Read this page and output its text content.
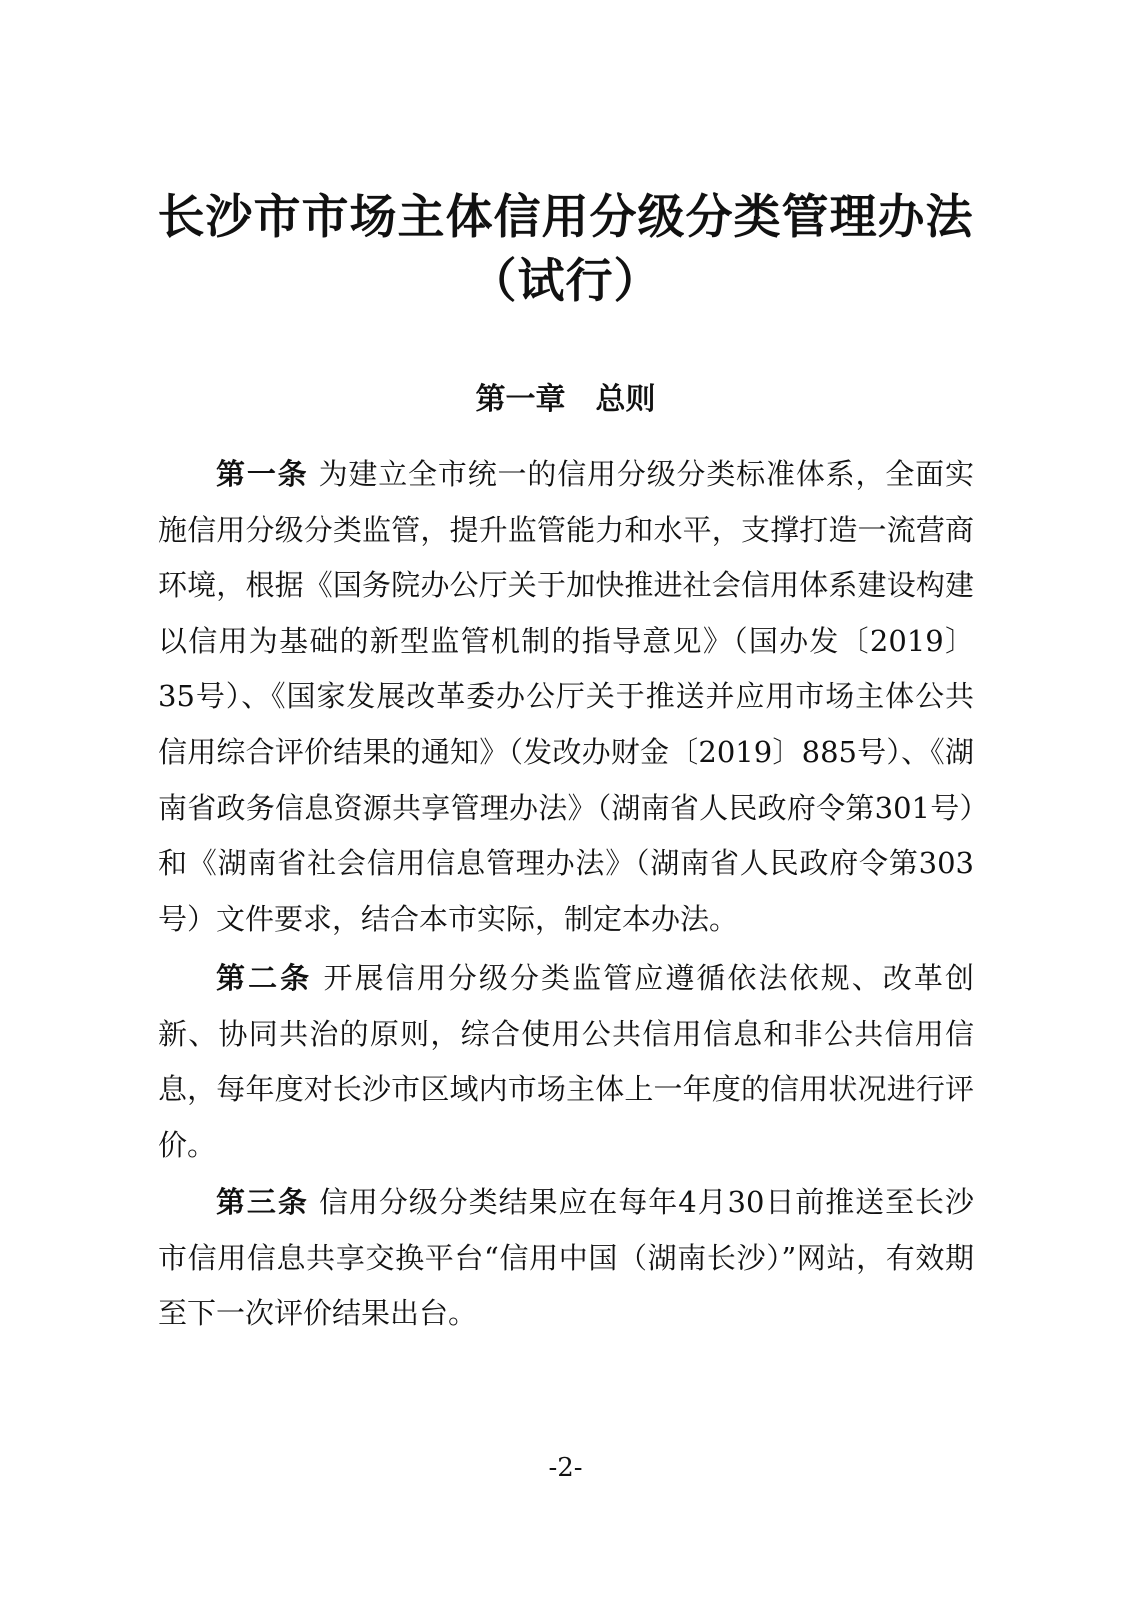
长沙市市场主体信用分级分类管理办法
（试行）
第一章　总则

第一条 为建立全市统一的信用分级分类标准体系，全面实施信用分级分类监管，提升监管能力和水平，支撑打造一流营商环境，根据《国务院办公厅关于加快推进社会信用体系建设构建以信用为基础的新型监管机制的指导意见》（国办发〔2019〕35号）、《国家发展改革委办公厅关于推送并应用市场主体公共信用综合评价结果的通知》（发改办财金〔2019〕885号）、《湖南省政务信息资源共享管理办法》（湖南省人民政府令第301号）和《湖南省社会信用信息管理办法》（湖南省人民政府令第303号）文件要求，结合本市实际，制定本办法。

第二条 开展信用分级分类监管应遵循依法依规、改革创新、协同共治的原则，综合使用公共信用信息和非公共信用信息，每年度对长沙市区域内市场主体上一年度的信用状况进行评价。

第三条 信用分级分类结果应在每年4月30日前推送至长沙市信用信息共享交换平台“信用中国（湖南长沙）”网站，有效期至下一次评价结果出台。

-2-
